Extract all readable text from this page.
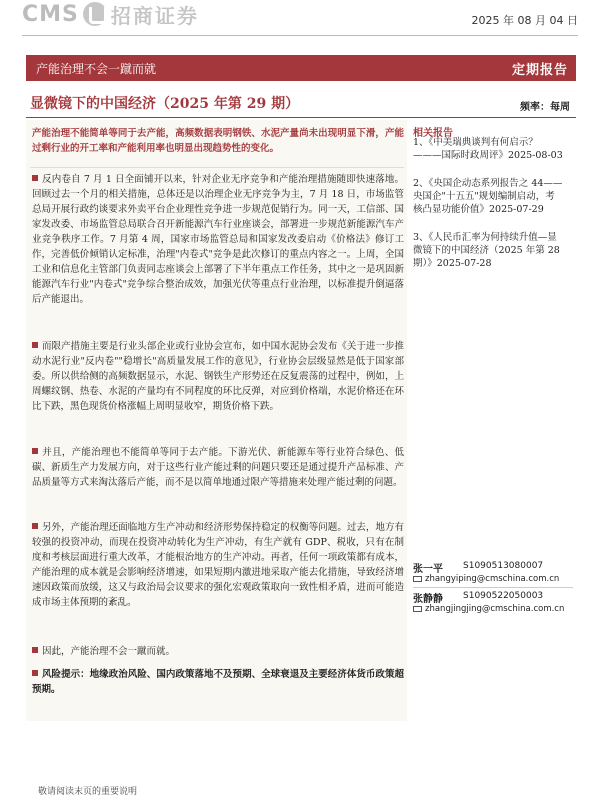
CMS 招商证券	2025 年 08 月 04 日
产能治理不会一蹴而就	定期报告
显微镜下的中国经济（2025 年第 29 期）	频率：每周
产能治理不能简单等同于去产能，高频数据表明钢铁、水泥产量尚未出现明显下滑，产能过剩行业的开工率和产能利用率也明显出现趋势性的变化。
反内卷自 7 月 1 日全面铺开以来，针对企业无序竞争和产能治理措施随即快速落地。回顾过去一个月的相关措施，总体还是以治理企业无序竞争为主，7 月 18 日，市场监管总局开展行政约谈要求外卖平台企业理性竞争进一步规范促销行为。同一天，工信部、国家发改委、市场监管总局联合召开新能源汽车行业座谈会，部署进一步规范新能源汽车产业竞争秩序工作。7 月第 4 周，国家市场监管总局和国家发改委启动《价格法》修订工作，完善低价倾销认定标准，治理"内卷式"竞争是此次修订的重点内容之一。上周，全国工业和信息化主管部门负责同志座谈会上部署了下半年重点工作任务，其中之一是巩固新能源汽车行业"内卷式"竞争综合整治成效，加强光伏等重点行业治理，以标准提升倒逼落后产能退出。
而限产措施主要是行业头部企业或行业协会宣布，如中国水泥协会发布《关于进一步推动水泥行业"反内卷""稳增长"高质量发展工作的意见》，行业协会层级显然是低于国家部委。所以供给侧的高频数据显示，水泥、钢铁生产形势还在反复震荡的过程中，例如，上周螺纹钢、热卷、水泥的产量均有不同程度的环比反弹，对应到价格端，水泥价格还在环比下跌，黑色现货价格涨幅上周明显收窄，期货价格下跌。
并且，产能治理也不能简单等同于去产能。下游光伏、新能源车等行业符合绿色、低碳、新质生产力发展方向，对于这些行业产能过剩的问题只要还是通过提升产品标准、产品质量等方式来淘汰落后产能，而不是以简单地通过限产等措施来处理产能过剩的问题。
另外，产能治理还面临地方生产冲动和经济形势保持稳定的权衡等问题。过去，地方有较强的投资冲动，而现在投资冲动转化为生产冲动，有生产就有 GDP、税收，只有在制度和考核层面进行重大改革，才能根治地方的生产冲动。再者，任何一项政策都有成本，产能治理的成本就是会影响经济增速，如果短期内激进地采取产能去化措施，导致经济增速因政策而放缓，这又与政治局会议要求的强化宏观政策取向一致性相矛盾，进而可能造成市场主体预期的紊乱。
因此，产能治理不会一蹴而就。
风险提示：地缘政治风险、国内政策落地不及预期、全球衰退及主要经济体货币政策超预期。
相关报告
1、《中美瑞典谈判有何启示？———国际时政周评》2025-08-03
2、《央国企动态系列报告之 44——央国企"十五五"规划编制启动，考核凸显功能价值》2025-07-29
3、《人民币汇率为何持续升值—显微镜下的中国经济（2025 年第 28 期）》2025-07-28
张一平 S1090513080007
zhangyiping@cmschina.com.cn
张静静 S1090522050003
zhangjingjing@cmschina.com.cn
敬请阅读末页的重要说明
